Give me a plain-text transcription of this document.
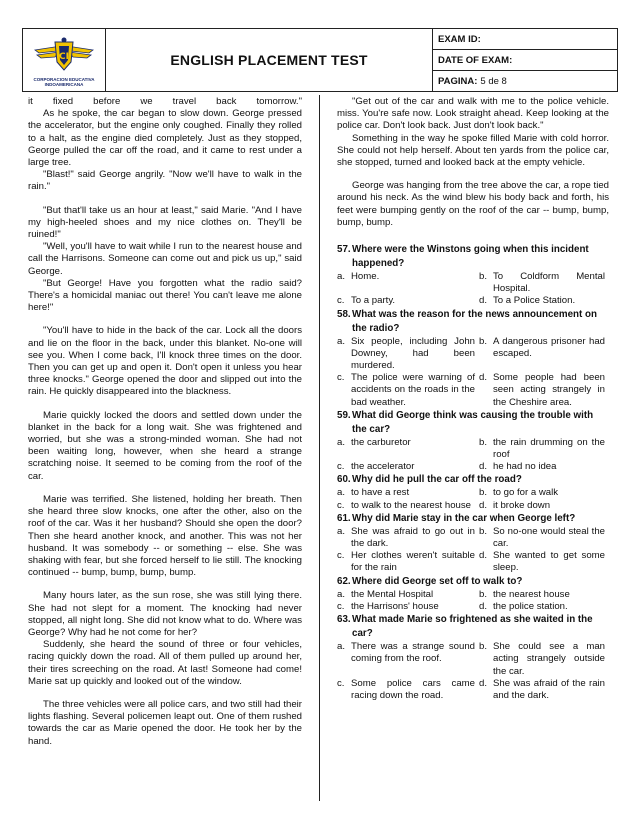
CI
CORPORACION EDUCATIVA
INDOAMERICANA
ENGLISH PLACEMENT TEST
EXAM ID:
DATE OF EXAM:
PAGINA: 5 de 8
it fixed before we travel back tomorrow."
As he spoke, the car began to slow down. George pressed the accelerator, but the engine only coughed. Finally they rolled to a halt, as the engine died completely. Just as they stopped, George pulled the car off the road, and it came to rest under a large tree.
"Blast!" said George angrily. "Now we'll have to walk in the rain."
"But that'll take us an hour at least," said Marie. "And I have my high-heeled shoes and my nice clothes on. They'll be ruined!"
"Well, you'll have to wait while I run to the nearest house and call the Harrisons. Someone can come out and pick us up," said George.
"But George! Have you forgotten what the radio said? There's a homicidal maniac out there! You can't leave me alone here!"
"You'll have to hide in the back of the car. Lock all the doors and lie on the floor in the back, under this blanket. No-one will see you. When I come back, I'll knock three times on the door. Then you can get up and open it. Don't open it unless you hear three knocks." George opened the door and slipped out into the rain. He quickly disappeared into the blackness.
Marie quickly locked the doors and settled down under the blanket in the back for a long wait. She was frightened and worried, but she was a strong-minded woman. She had not been waiting long, however, when she heard a strange scratching noise. It seemed to be coming from the roof of the car.
Marie was terrified. She listened, holding her breath. Then she heard three slow knocks, one after the other, also on the roof of the car. Was it her husband? Should she open the door? Then she heard another knock, and another. This was not her husband. It was somebody -- or something -- else. She was shaking with fear, but she forced herself to lie still. The knocking continued -- bump, bump, bump, bump.
Many hours later, as the sun rose, she was still lying there. She had not slept for a moment. The knocking had never stopped, all night long. She did not know what to do. Where was George? Why had he not come for her?
Suddenly, she heard the sound of three or four vehicles, racing quickly down the road. All of them pulled up around her, their tires screeching on the road. At last! Someone had come! Marie sat up quickly and looked out of the window.
The three vehicles were all police cars, and two still had their lights flashing. Several policemen leapt out. One of them rushed towards the car as Marie opened the door. He took her by the hand.
"Get out of the car and walk with me to the police vehicle. miss. You're safe now. Look straight ahead. Keep looking at the police car. Don't look back. Just don't look back."
Something in the way he spoke filled Marie with cold horror. She could not help herself. About ten yards from the police car, she stopped, turned and looked back at the empty vehicle.
George was hanging from the tree above the car, a rope tied around his neck. As the wind blew his body back and forth, his feet were bumping gently on the roof of the car -- bump, bump, bump, bump.
57. Where were the Winstons going when this incident happened?
a. Home.	b. To Coldform Mental Hospital.
c. To a party.	d. To a Police Station.
58. What was the reason for the news announcement on the radio?
a. Six people, including John Downey, had been murdered.
b. A dangerous prisoner had escaped.
c. The police were warning of accidents on the roads in the bad weather.
d. Some people had been seen acting strangely in the Cheshire area.
59. What did George think was causing the trouble with the car?
a. the carburetor	b. the rain drumming on the roof
c. the accelerator	d. he had no idea
60. Why did he pull the car off the road?
a. to have a rest	b. to go for a walk
c. to walk to the nearest house d. it broke down
61. Why did Marie stay in the car when George left?
a. She was afraid to go out in the dark.
b. So no-one would steal the car.
c. Her clothes weren't suitable for the rain
d. She wanted to get some sleep.
62. Where did George set off to walk to?
a. the Mental Hospital	b. the nearest house
c. the Harrisons' house	d. the police station.
63. What made Marie so frightened as she waited in the car?
a. There was a strange sound coming from the roof.
b. She could see a man acting strangely outside the car.
c. Some police cars came racing down the road.
d. She was afraid of the rain and the dark.
